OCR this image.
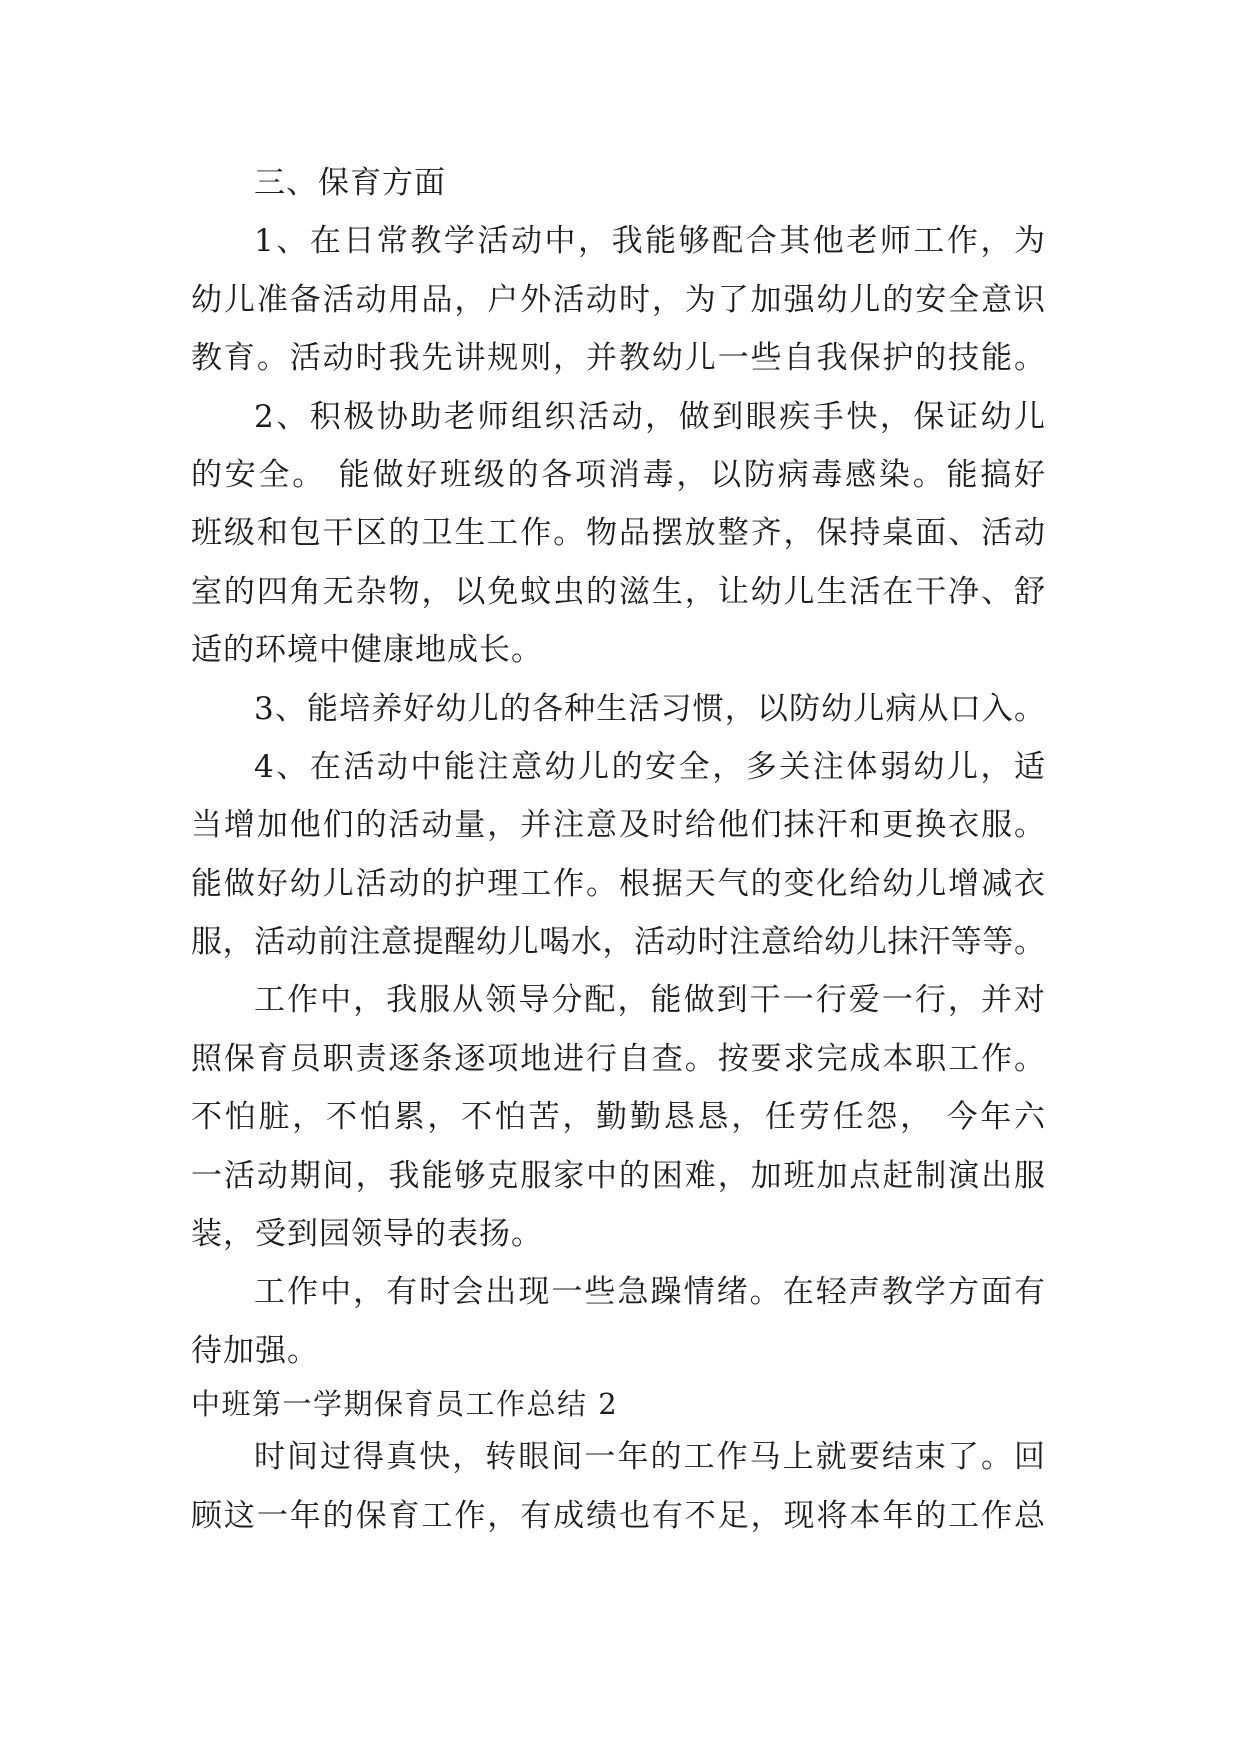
三、保育方面
1、在日常教学活动中，我能够配合其他老师工作，为
幼儿准备活动用品，户外活动时，为了加强幼儿的安全意识
教育。活动时我先讲规则，并教幼儿一些自我保护的技能。
2、积极协助老师组织活动，做到眼疾手快，保证幼儿
的安全。 能做好班级的各项消毒，以防病毒感染。能搞好
班级和包干区的卫生工作。物品摆放整齐，保持桌面、活动
室的四角无杂物，以免蚊虫的滋生，让幼儿生活在干净、舒
适的环境中健康地成长。
3、能培养好幼儿的各种生活习惯，以防幼儿病从口入。
4、在活动中能注意幼儿的安全，多关注体弱幼儿，适
当增加他们的活动量，并注意及时给他们抹汗和更换衣服。
能做好幼儿活动的护理工作。根据天气的变化给幼儿增减衣
服，活动前注意提醒幼儿喝水，活动时注意给幼儿抹汗等等。
工作中，我服从领导分配，能做到干一行爱一行，并对
照保育员职责逐条逐项地进行自查。按要求完成本职工作。
不怕脏，不怕累，不怕苦，勤勤恳恳，任劳任怨， 今年六
一活动期间，我能够克服家中的困难，加班加点赶制演出服
装，受到园领导的表扬。
工作中，有时会出现一些急躁情绪。在轻声教学方面有
待加强。
中班第一学期保育员工作总结 2
时间过得真快，转眼间一年的工作马上就要结束了。回
顾这一年的保育工作，有成绩也有不足，现将本年的工作总
